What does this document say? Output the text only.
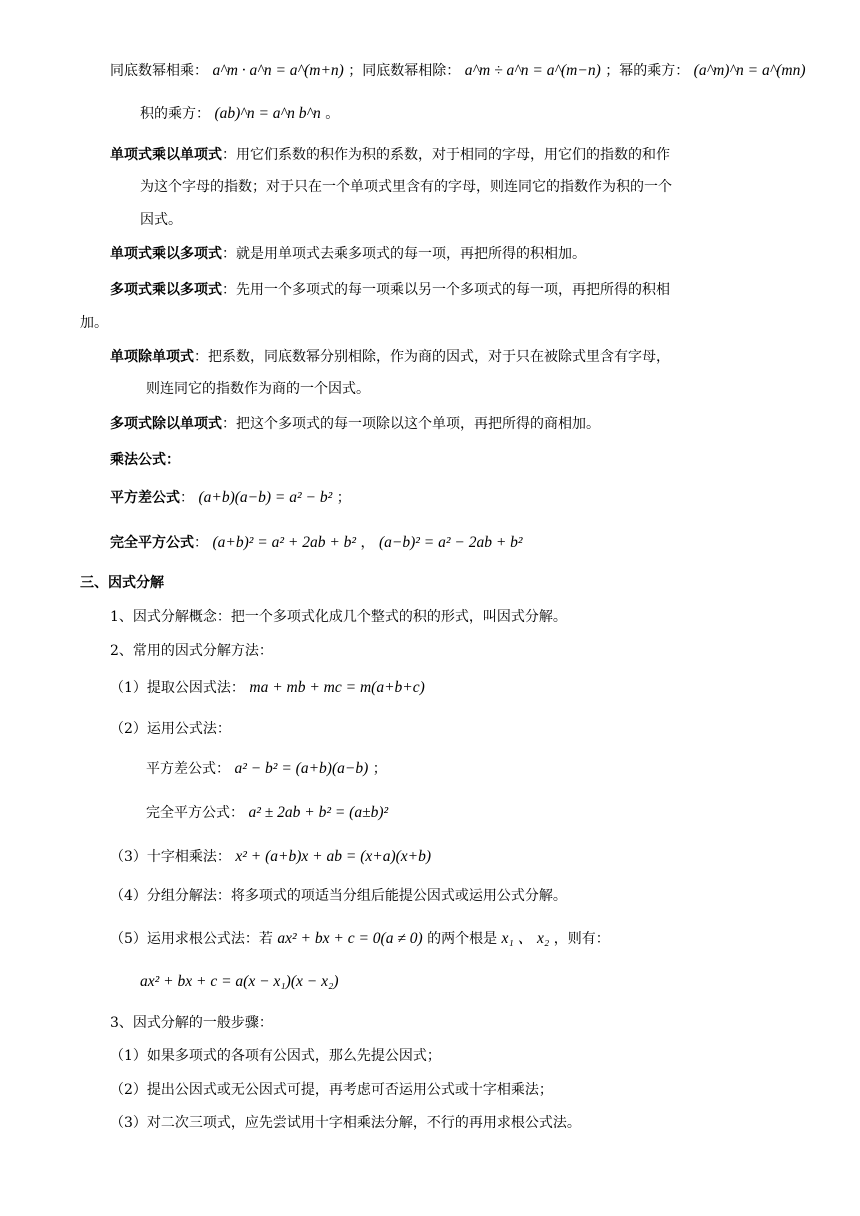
同底数幂相乘： a^m · a^n = a^(m+n) ；同底数幂相除： a^m ÷ a^n = a^(m−n) ；幂的乘方： (a^m)^n = a^(mn)
积的乘方： (ab)^n = a^n b^n 。
单项式乘以单项式：用它们系数的积作为积的系数，对于相同的字母，用它们的指数的和作
为这个字母的指数；对于只在一个单项式里含有的字母，则连同它的指数作为积的一个
因式。
单项式乘以多项式：就是用单项式去乘多项式的每一项，再把所得的积相加。
多项式乘以多项式：先用一个多项式的每一项乘以另一个多项式的每一项，再把所得的积相
加。
单项除单项式：把系数，同底数幂分别相除，作为商的因式，对于只在被除式里含有字母，
则连同它的指数作为商的一个因式。
多项式除以单项式：把这个多项式的每一项除以这个单项，再把所得的商相加。
乘法公式：
平方差公式： (a+b)(a−b) = a² − b² ；
完全平方公式： (a+b)² = a² + 2ab + b² ， (a−b)² = a² − 2ab + b²
三、因式分解
1、因式分解概念：把一个多项式化成几个整式的积的形式，叫因式分解。
2、常用的因式分解方法：
（1）提取公因式法： ma + mb + mc = m(a+b+c)
（2）运用公式法：
平方差公式： a² − b² = (a+b)(a−b) ；
完全平方公式： a² ± 2ab + b² = (a±b)²
（3）十字相乘法： x² + (a+b)x + ab = (x+a)(x+b)
（4）分组分解法：将多项式的项适当分组后能提公因式或运用公式分解。
（5）运用求根公式法：若 ax² + bx + c = 0(a ≠ 0) 的两个根是 x₁ 、 x₂ ，则有：
ax² + bx + c = a(x − x₁)(x − x₂)
3、因式分解的一般步骤：
（1）如果多项式的各项有公因式，那么先提公因式；
（2）提出公因式或无公因式可提，再考虑可否运用公式或十字相乘法；
（3）对二次三项式，应先尝试用十字相乘法分解，不行的再用求根公式法。
